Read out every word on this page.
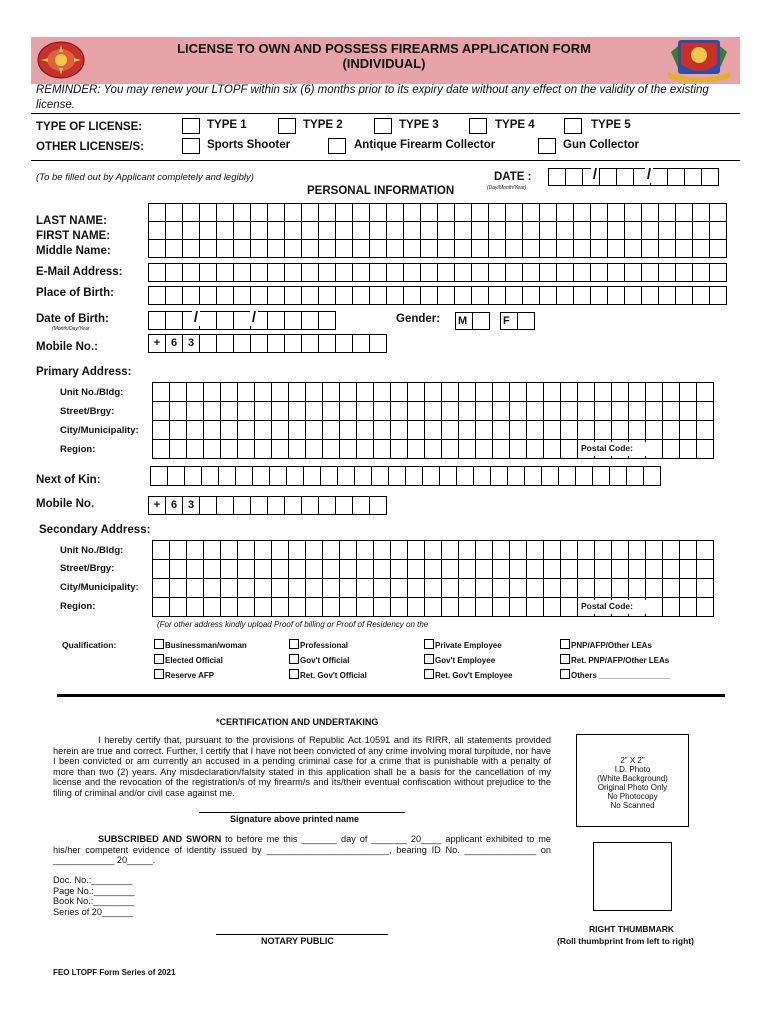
LICENSE TO OWN AND POSSESS FIREARMS APPLICATION FORM
(INDIVIDUAL)
REMINDER: You may renew your LTOPF within six (6) months prior to its expiry date without any effect on the validity of the existing license.
TYPE OF LICENSE:	TYPE 1	TYPE 2	TYPE 3	TYPE 4	TYPE 5
OTHER LICENSE/S:	Sports Shooter	Antique Firearm Collector	Gun Collector
(To be filled out by Applicant completely and legibly)
PERSONAL INFORMATION
DATE :
(Day/Month/Year)
/	/
LAST NAME:
FIRST NAME:
Middle Name:
E-Mail Address:
Place of Birth:
Date of Birth:
(Month/Day/Year
/	/	Gender: M	F
Mobile No.:	+ 6 3
Primary Address:
Unit No./Bldg:
Street/Brgy:
City/Municipality:
Region:	Postal Code:
Next of Kin:
Mobile No.	+ 6 3
Secondary Address:
Unit No./Bldg:
Street/Brgy:
City/Municipality:
Region:	Postal Code:
(For other address kindly upload Proof of billing or Proof of Residency on the
Qualification:	Businessman/woman	Professional	Private Employee	PNP/AFP/Other LEAs
Elected Official	Gov't Official	Gov't Employee	Ret. PNP/AFP/Other LEAs
Reserve AFP	Ret. Gov't Official	Ret. Gov't Employee	Others ________________
*CERTIFICATION AND UNDERTAKING
I hereby certify that, pursuant to the provisions of Republic Act 10591 and its RIRR, all statements provided herein are true and correct. Further, I certify that I have not been convicted of any crime involving moral turpitude, nor have I been convicted or am currently an accused in a pending criminal case for a crime that is punishable with a penalty of more than two (2) years. Any misdeclaration/falsity stated in this application shall be a basis for the cancellation of my license and the revocation of the registration/s of my firearm/s and its/their eventual confiscation without prejudice to the filing of criminal and/or civil case against me.
Signature above printed name
2" X 2"
I.D. Photo
(White Background)
Original Photo Only
No Photocopy
No Scanned
SUBSCRIBED AND SWORN to before me this _______ day of _______ 20____ applicant exhibited to me his/her competent evidence of identity issued by ________________________, bearing ID No. ______________ on ____________ 20_____.
Doc. No.:________
Page No.:________
Book No.:________
Series of 20______
NOTARY PUBLIC
RIGHT THUMBMARK
(Roll thumbprint from left to right)
FEO LTOPF Form Series of 2021
